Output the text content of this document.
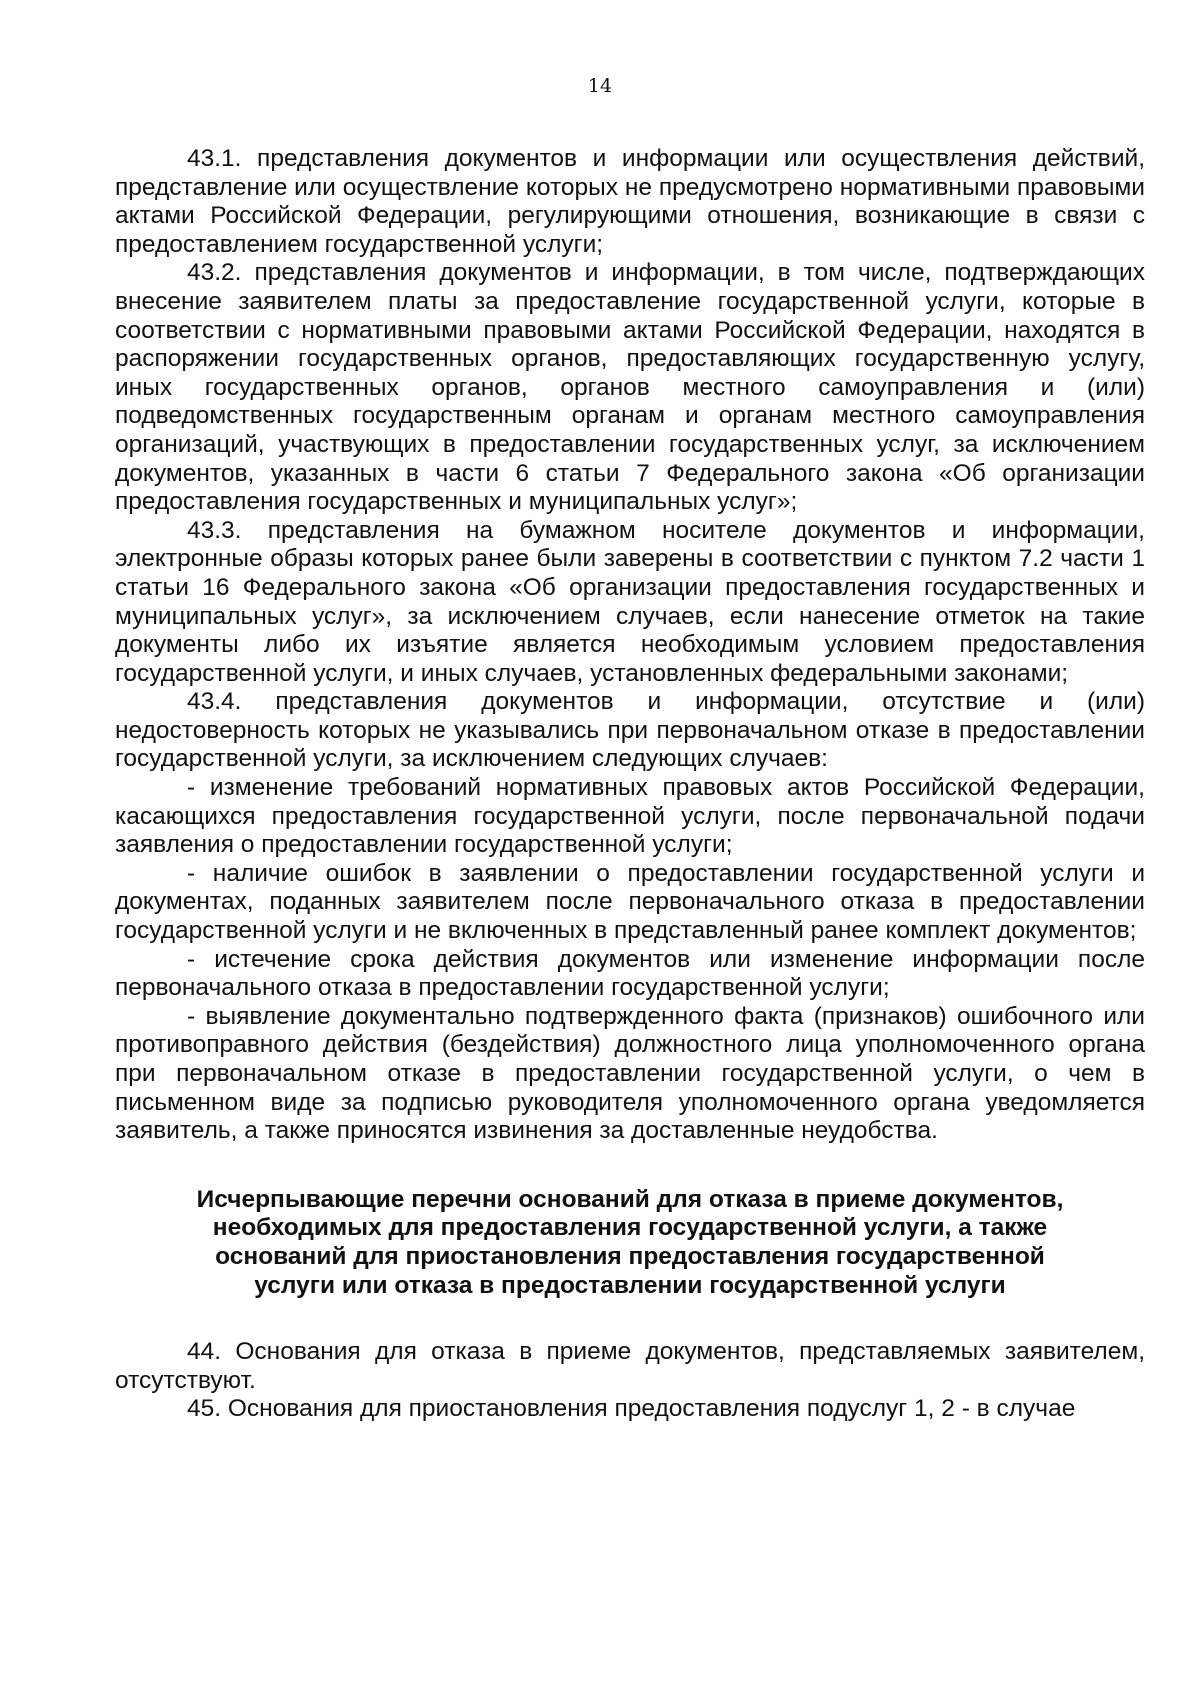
14

43.1. представления документов и информации или осуществления действий, представление или осуществление которых не предусмотрено нормативными правовыми актами Российской Федерации, регулирующими отношения, возникающие в связи с предоставлением государственной услуги;

43.2. представления документов и информации, в том числе, подтверждающих внесение заявителем платы за предоставление государственной услуги, которые в соответствии с нормативными правовыми актами Российской Федерации, находятся в распоряжении государственных органов, предоставляющих государственную услугу, иных государственных органов, органов местного самоуправления и (или) подведомственных государственным органам и органам местного самоуправления организаций, участвующих в предоставлении государственных услуг, за исключением документов, указанных в части 6 статьи 7 Федерального закона «Об организации предоставления государственных и муниципальных услуг»;

43.3. представления на бумажном носителе документов и информации, электронные образы которых ранее были заверены в соответствии с пунктом 7.2 части 1 статьи 16 Федерального закона «Об организации предоставления государственных и муниципальных услуг», за исключением случаев, если нанесение отметок на такие документы либо их изъятие является необходимым условием предоставления государственной услуги, и иных случаев, установленных федеральными законами;

43.4. представления документов и информации, отсутствие и (или) недостоверность которых не указывались при первоначальном отказе в предоставлении государственной услуги, за исключением следующих случаев:

- изменение требований нормативных правовых актов Российской Федерации, касающихся предоставления государственной услуги, после первоначальной подачи заявления о предоставлении государственной услуги;

- наличие ошибок в заявлении о предоставлении государственной услуги и документах, поданных заявителем после первоначального отказа в предоставлении государственной услуги и не включенных в представленный ранее комплект документов;

- истечение срока действия документов или изменение информации после первоначального отказа в предоставлении государственной услуги;

- выявление документально подтвержденного факта (признаков) ошибочного или противоправного действия (бездействия) должностного лица уполномоченного органа при первоначальном отказе в предоставлении государственной услуги, о чем в письменном виде за подписью руководителя уполномоченного органа уведомляется заявитель, а также приносятся извинения за доставленные неудобства.

Исчерпывающие перечни оснований для отказа в приеме документов, необходимых для предоставления государственной услуги, а также оснований для приостановления предоставления государственной услуги или отказа в предоставлении государственной услуги

44. Основания для отказа в приеме документов, представляемых заявителем, отсутствуют.

45. Основания для приостановления предоставления подуслуг 1, 2 - в случае
